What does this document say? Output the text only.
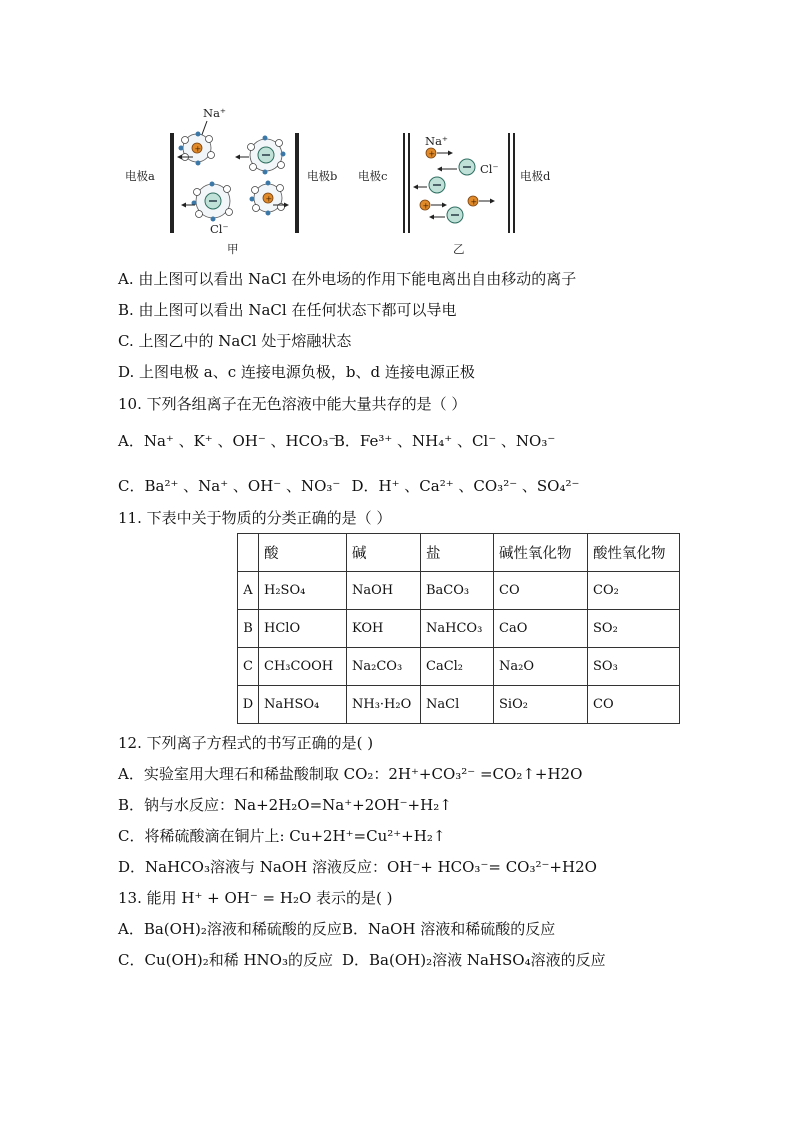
电极a	电极b
Na⁺
Cl⁻
甲
+
+
电极c	电极d
Na⁺
Cl⁻
乙
+
+	+
A. 由上图可以看出 NaCl 在外电场的作用下能电离出自由移动的离子
B. 由上图可以看出 NaCl 在任何状态下都可以导电
C. 上图乙中的 NaCl 处于熔融状态
D. 上图电极 a、c 连接电源负极，b、d 连接电源正极
10. 下列各组离子在无色溶液中能大量共存的是（ ）
A．Na⁺ 、K⁺ 、OH⁻ 、HCO₃⁻B．Fe³⁺ 、NH₄⁺ 、Cl⁻ 、NO₃⁻
C．Ba²⁺ 、Na⁺ 、OH⁻ 、NO₃⁻ D．H⁺ 、Ca²⁺ 、CO₃²⁻ 、SO₄²⁻
11. 下表中关于物质的分类正确的是（ ）
	酸	碱	盐	碱性氧化物	酸性氧化物
A	H₂SO₄	NaOH	BaCO₃	CO	CO₂
B	HClO	KOH	NaHCO₃	CaO	SO₂
C	CH₃COOH	Na₂CO₃	CaCl₂	Na₂O	SO₃
D	NaHSO₄	NH₃·H₂O	NaCl	SiO₂	CO
12. 下列离子方程式的书写正确的是( )
A．实验室用大理石和稀盐酸制取 CO₂：2H⁺+CO₃²⁻ =CO₂↑+H2O
B．钠与水反应：Na+2H₂O=Na⁺+2OH⁻+H₂↑
C．将稀硫酸滴在铜片上: Cu+2H⁺=Cu²⁺+H₂↑
D．NaHCO₃溶液与 NaOH 溶液反应：OH⁻+ HCO₃⁻= CO₃²⁻+H2O
13. 能用 H⁺ + OH⁻ = H₂O 表示的是( )
A．Ba(OH)₂溶液和稀硫酸的反应B．NaOH 溶液和稀硫酸的反应
C．Cu(OH)₂和稀 HNO₃的反应 D．Ba(OH)₂溶液 NaHSO₄溶液的反应
